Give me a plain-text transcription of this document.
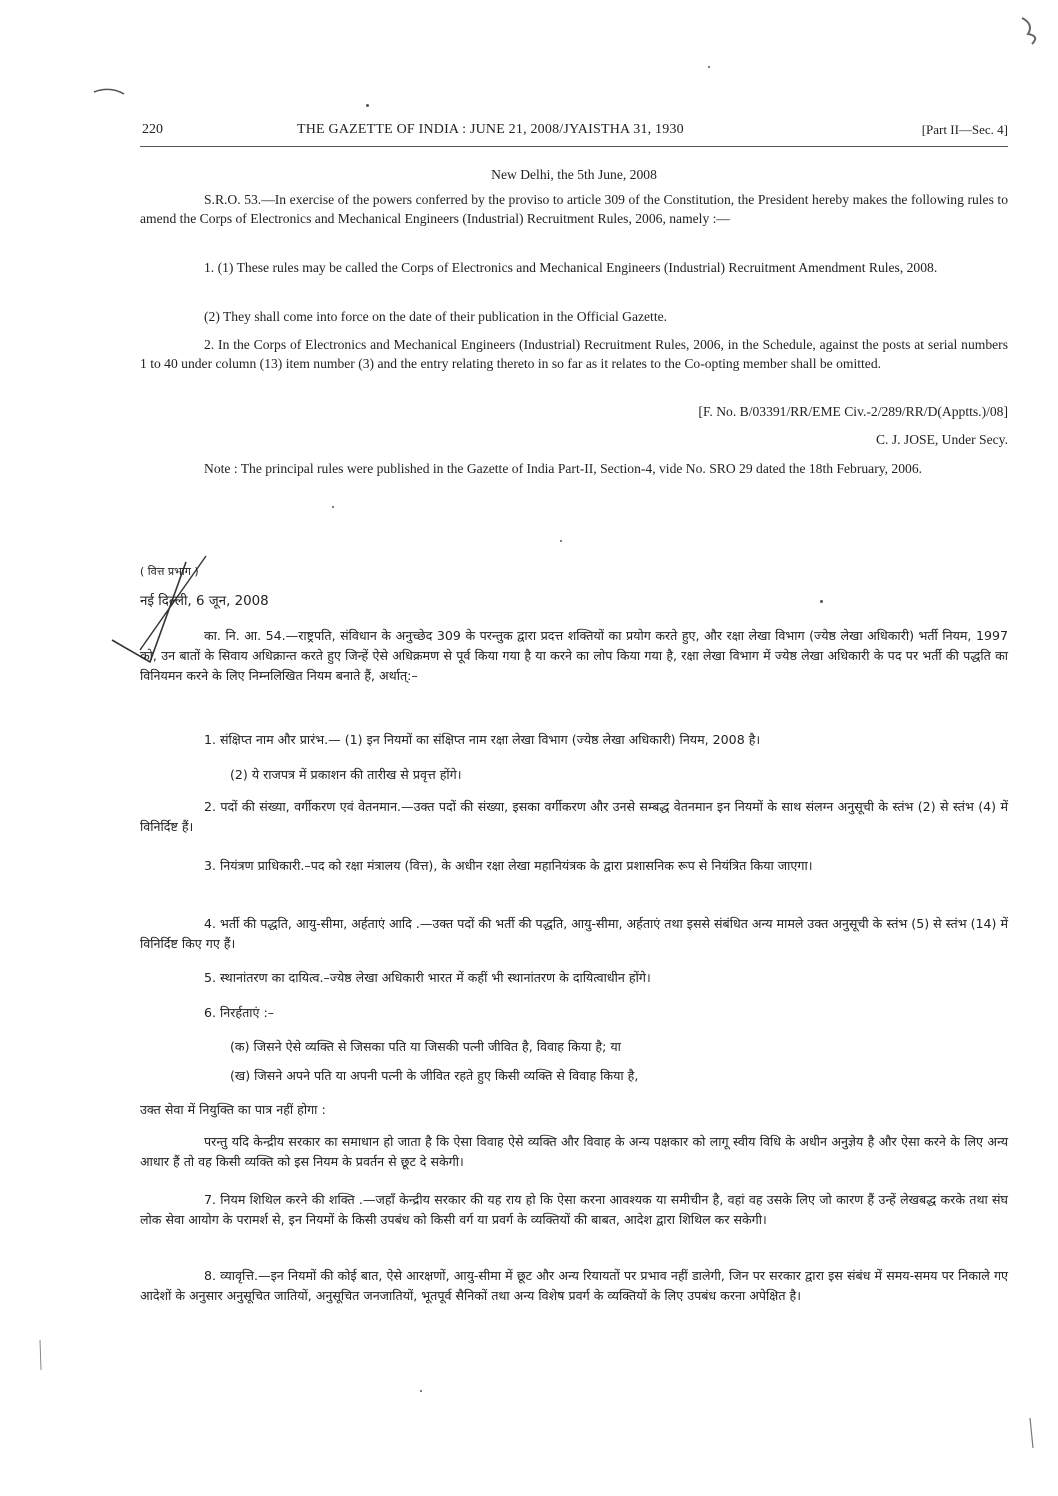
220	THE GAZETTE OF INDIA : JUNE 21, 2008/JYAISTHA 31, 1930	[Part II—Sec. 4]
New Delhi, the 5th June, 2008
S.R.O. 53.—In exercise of the powers conferred by the proviso to article 309 of the Constitution, the President hereby makes the following rules to amend the Corps of Electronics and Mechanical Engineers (Industrial) Recruitment Rules, 2006, namely :—
1. (1) These rules may be called the Corps of Electronics and Mechanical Engineers (Industrial) Recruitment Amendment Rules, 2008.
(2) They shall come into force on the date of their publication in the Official Gazette.
2. In the Corps of Electronics and Mechanical Engineers (Industrial) Recruitment Rules, 2006, in the Schedule, against the posts at serial numbers 1 to 40 under column (13) item number (3) and the entry relating thereto in so far as it relates to the Co-opting member shall be omitted.
[F. No. B/03391/RR/EME Civ.-2/289/RR/D(Apptts.)/08]
C. J. JOSE, Under Secy.
Note : The principal rules were published in the Gazette of India Part-II, Section-4, vide No. SRO 29 dated the 18th February, 2006.
( वित्त प्रभाग )
नई दिल्ली, 6 जून, 2008
का. नि. आ. 54.—राष्ट्रपति, संविधान के अनुच्छेद 309 के परन्तुक द्वारा प्रदत्त शक्तियों का प्रयोग करते हुए, और रक्षा लेखा विभाग (ज्येष्ठ लेखा अधिकारी) भर्ती नियम, 1997 को, उन बातों के सिवाय अधिक्रान्त करते हुए जिन्हें ऐसे अधिक्रमण से पूर्व किया गया है या करने का लोप किया गया है, रक्षा लेखा विभाग में ज्येष्ठ लेखा अधिकारी के पद पर भर्ती की पद्धति का विनियमन करने के लिए निम्नलिखित नियम बनाते हैं, अर्थात्:–
1. संक्षिप्त नाम और प्रारंभ.— (1) इन नियमों का संक्षिप्त नाम रक्षा लेखा विभाग (ज्येष्ठ लेखा अधिकारी) नियम, 2008 है।
(2) ये राजपत्र में प्रकाशन की तारीख से प्रवृत्त होंगे।
2. पदों की संख्या, वर्गीकरण एवं वेतनमान.—उक्त पदों की संख्या, इसका वर्गीकरण और उनसे सम्बद्ध वेतनमान इन नियमों के साथ संलग्न अनुसूची के स्तंभ (2) से स्तंभ (4) में विनिर्दिष्ट हैं।
3. नियंत्रण प्राधिकारी.–पद को रक्षा मंत्रालय (वित्त), के अधीन रक्षा लेखा महानियंत्रक के द्वारा प्रशासनिक रूप से नियंत्रित किया जाएगा।
4. भर्ती की पद्धति, आयु-सीमा, अर्हताएं आदि .—उक्त पदों की भर्ती की पद्धति, आयु-सीमा, अर्हताएं तथा इससे संबंधित अन्य मामले उक्त अनुसूची के स्तंभ (5) से स्तंभ (14) में विनिर्दिष्ट किए गए हैं।
5. स्थानांतरण का दायित्व.–ज्येष्ठ लेखा अधिकारी भारत में कहीं भी स्थानांतरण के दायित्वाधीन होंगे।
6. निरर्हताएं :–
(क) जिसने ऐसे व्यक्ति से जिसका पति या जिसकी पत्नी जीवित है, विवाह किया है; या
(ख) जिसने अपने पति या अपनी पत्नी के जीवित रहते हुए किसी व्यक्ति से विवाह किया है,
उक्त सेवा में नियुक्ति का पात्र नहीं होगा :
परन्तु यदि केन्द्रीय सरकार का समाधान हो जाता है कि ऐसा विवाह ऐसे व्यक्ति और विवाह के अन्य पक्षकार को लागू स्वीय विधि के अधीन अनुज्ञेय है और ऐसा करने के लिए अन्य आधार हैं तो वह किसी व्यक्ति को इस नियम के प्रवर्तन से छूट दे सकेगी।
7. नियम शिथिल करने की शक्ति .—जहाँ केन्द्रीय सरकार की यह राय हो कि ऐसा करना आवश्यक या समीचीन है, वहां वह उसके लिए जो कारण हैं उन्हें लेखबद्ध करके तथा संघ लोक सेवा आयोग के परामर्श से, इन नियमों के किसी उपबंध को किसी वर्ग या प्रवर्ग के व्यक्तियों की बाबत, आदेश द्वारा शिथिल कर सकेगी।
8. व्यावृत्ति.—इन नियमों की कोई बात, ऐसे आरक्षणों, आयु-सीमा में छूट और अन्य रियायतों पर प्रभाव नहीं डालेगी, जिन पर सरकार द्वारा इस संबंध में समय-समय पर निकाले गए आदेशों के अनुसार अनुसूचित जातियों, अनुसूचित जनजातियों, भूतपूर्व सैनिकों तथा अन्य विशेष प्रवर्ग के व्यक्तियों के लिए उपबंध करना अपेक्षित है।
